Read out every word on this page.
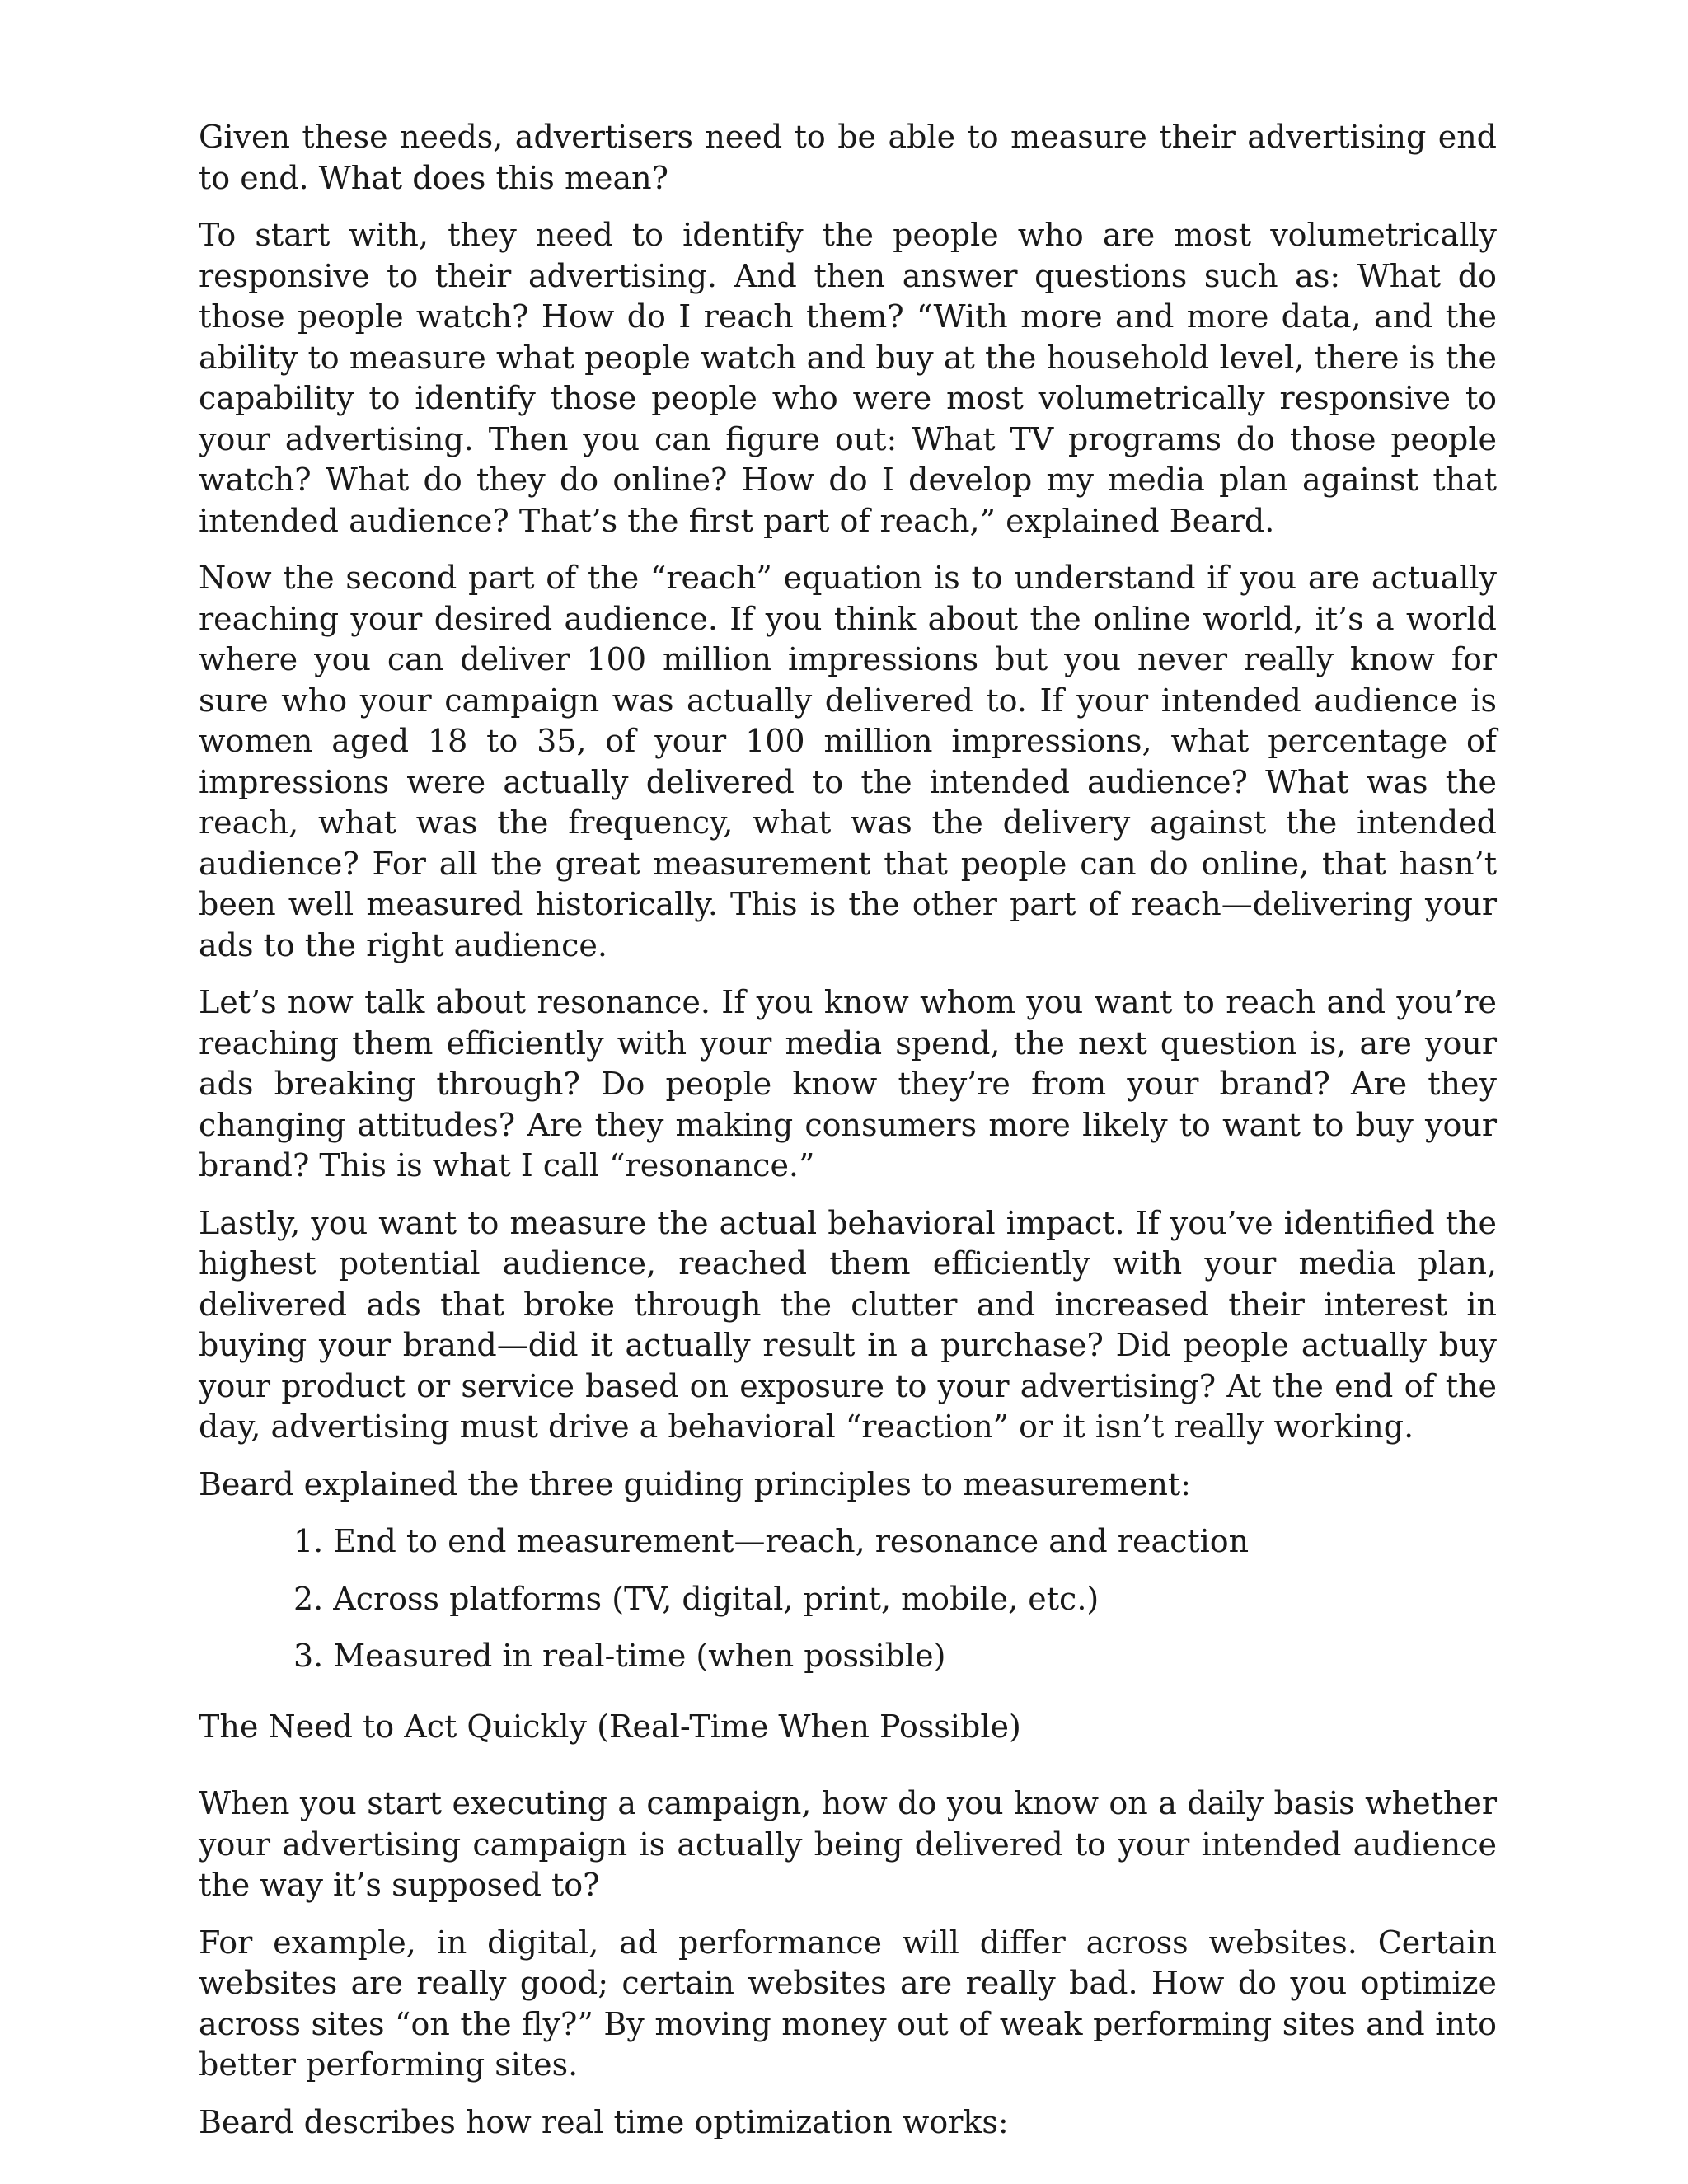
Given these needs, advertisers need to be able to measure their advertising end to end. What does this mean?

To start with, they need to identify the people who are most volumetrically responsive to their advertising. And then answer questions such as: What do those people watch? How do I reach them? “With more and more data, and the ability to measure what people watch and buy at the household level, there is the capability to identify those people who were most volumetrically responsive to your advertising. Then you can figure out: What TV programs do those people watch? What do they do online? How do I develop my media plan against that intended audience? That’s the first part of reach,” explained Beard.

Now the second part of the “reach” equation is to understand if you are actually reaching your desired audience. If you think about the online world, it’s a world where you can deliver 100 million impressions but you never really know for sure who your campaign was actually delivered to. If your intended audience is women aged 18 to 35, of your 100 million impressions, what percentage of impressions were actually delivered to the intended audience? What was the reach, what was the frequency, what was the delivery against the intended audience? For all the great measurement that people can do online, that hasn’t been well measured historically. This is the other part of reach—delivering your ads to the right audience.

Let’s now talk about resonance. If you know whom you want to reach and you’re reaching them efficiently with your media spend, the next question is, are your ads breaking through? Do people know they’re from your brand? Are they changing attitudes? Are they making consumers more likely to want to buy your brand? This is what I call “resonance.”

Lastly, you want to measure the actual behavioral impact. If you’ve identified the highest potential audience, reached them efficiently with your media plan, delivered ads that broke through the clutter and increased their interest in buying your brand—did it actually result in a purchase? Did people actually buy your product or service based on exposure to your advertising? At the end of the day, advertising must drive a behavioral “reaction” or it isn’t really working.

Beard explained the three guiding principles to measurement:

1. End to end measurement—reach, resonance and reaction
2. Across platforms (TV, digital, print, mobile, etc.)
3. Measured in real-time (when possible)
The Need to Act Quickly (Real-Time When Possible)

When you start executing a campaign, how do you know on a daily basis whether your advertising campaign is actually being delivered to your intended audience the way it’s supposed to?

For example, in digital, ad performance will differ across websites. Certain websites are really good; certain websites are really bad. How do you optimize across sites “on the fly?” By moving money out of weak performing sites and into better performing sites.

Beard describes how real time optimization works:
